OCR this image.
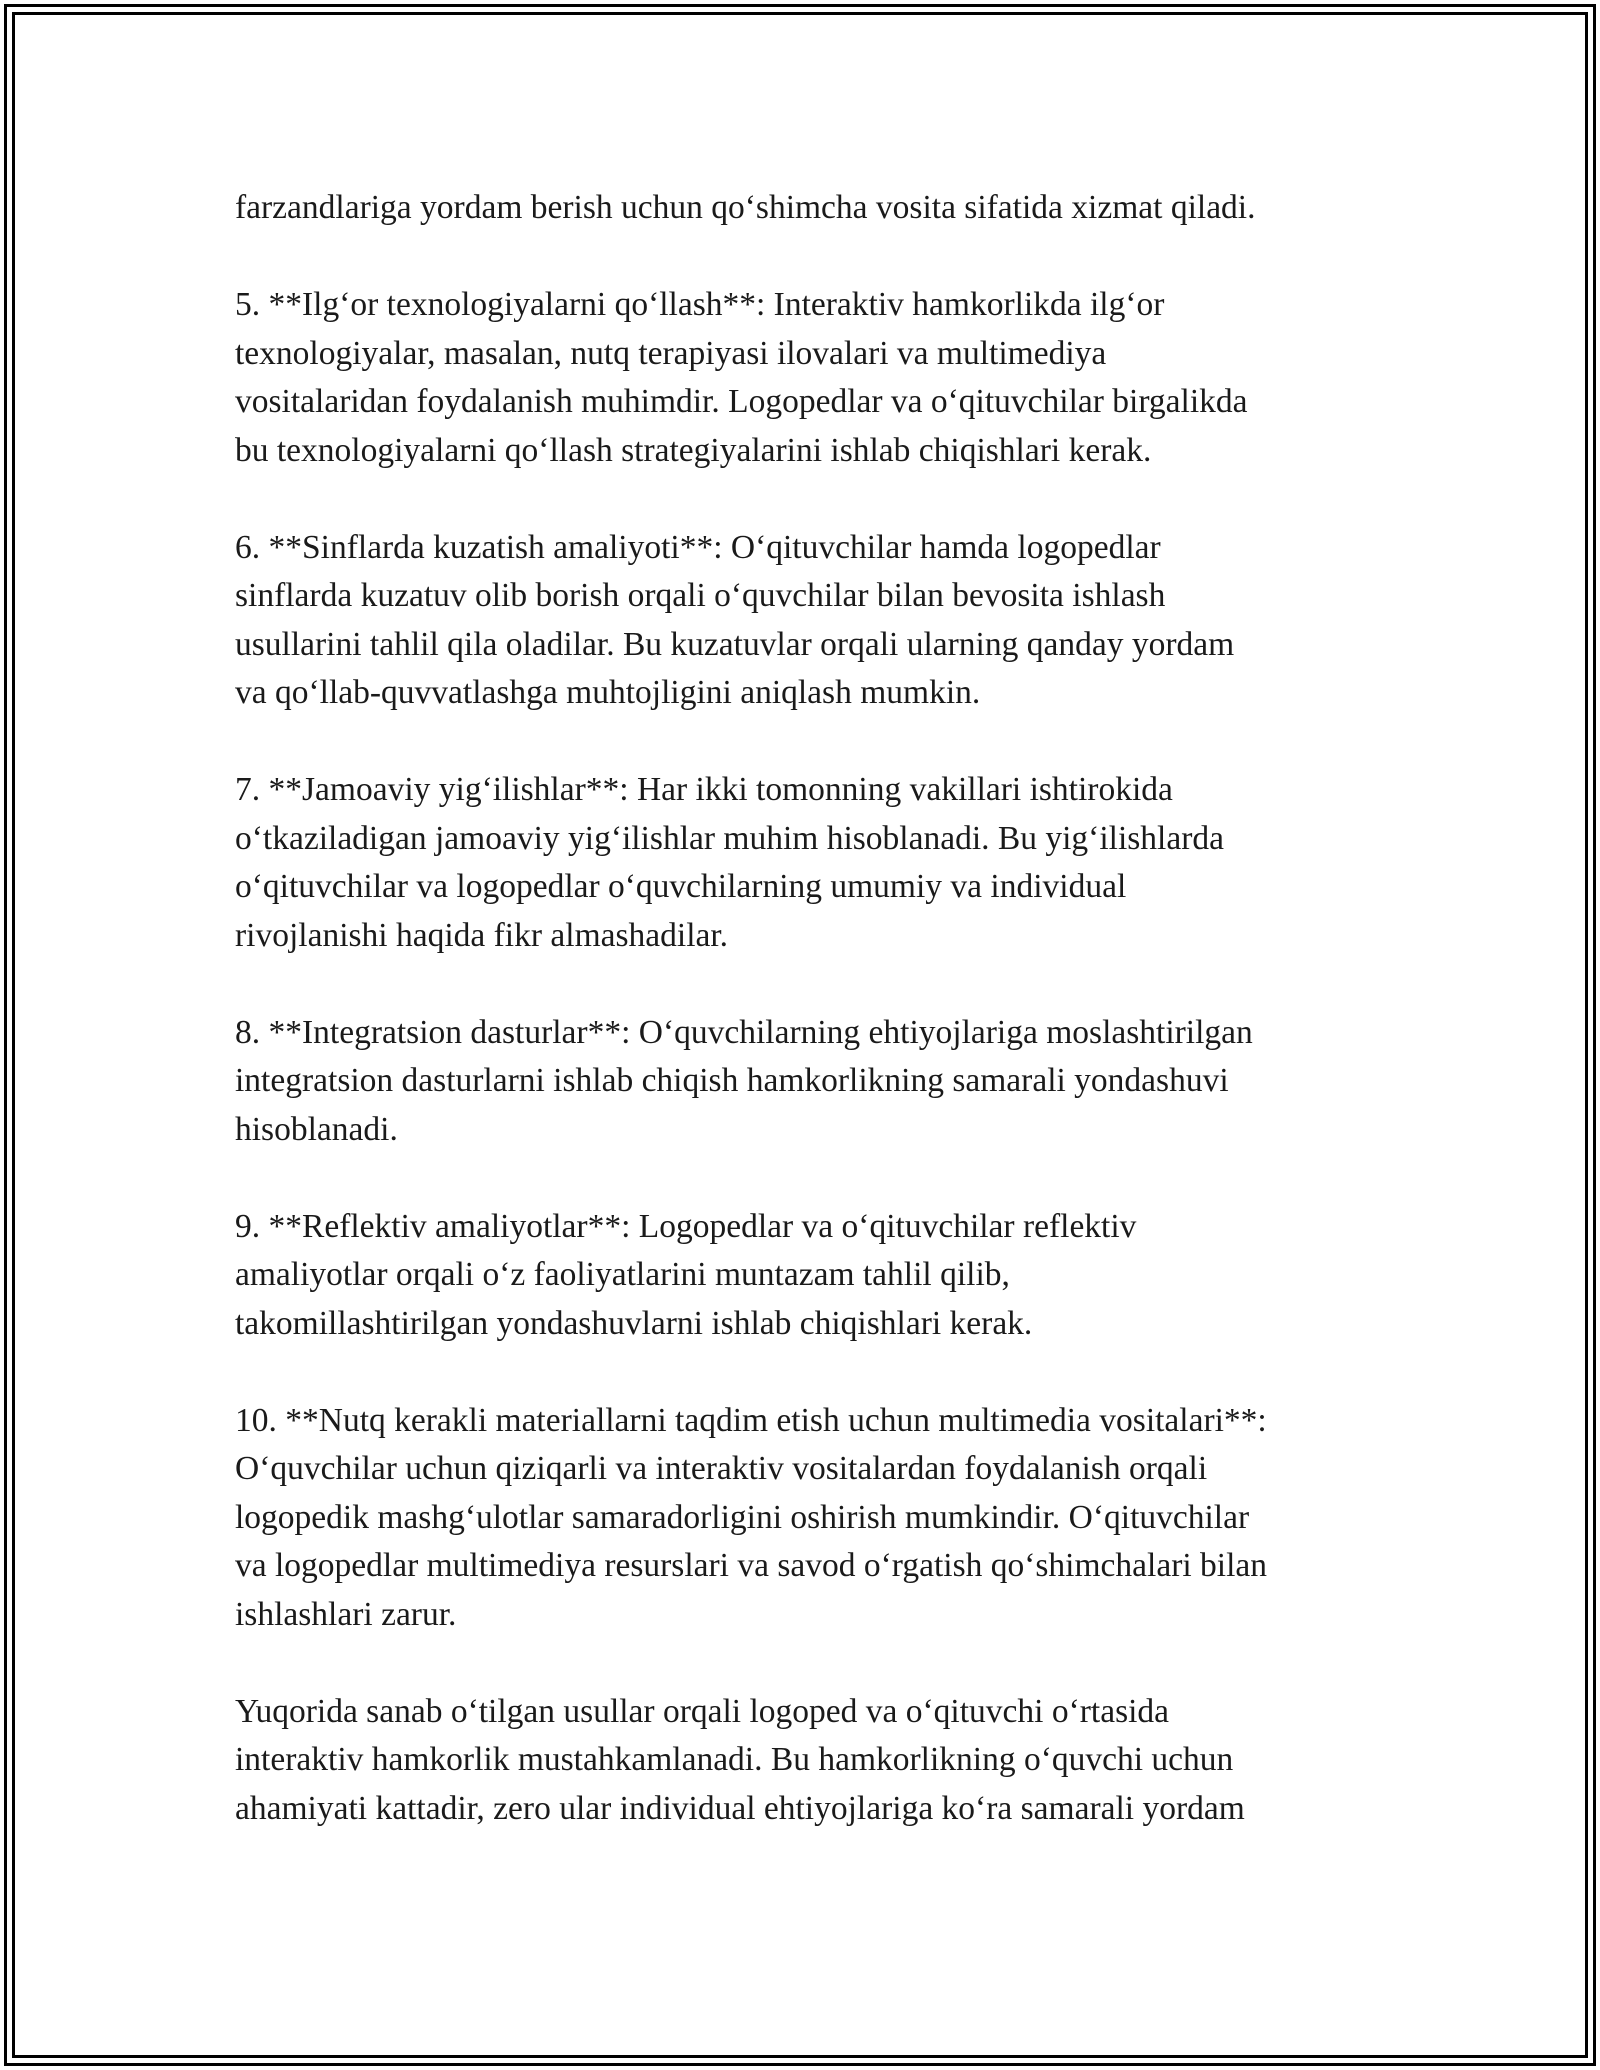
farzandlariga yordam berish uchun qo‘shimcha vosita sifatida xizmat qiladi.

5. **Ilg‘or texnologiyalarni qo‘llash**: Interaktiv hamkorlikda ilg‘or
texnologiyalar, masalan, nutq terapiyasi ilovalari va multimediya
vositalaridan foydalanish muhimdir. Logopedlar va o‘qituvchilar birgalikda
bu texnologiyalarni qo‘llash strategiyalarini ishlab chiqishlari kerak.

6. **Sinflarda kuzatish amaliyoti**: O‘qituvchilar hamda logopedlar
sinflarda kuzatuv olib borish orqali o‘quvchilar bilan bevosita ishlash
usullarini tahlil qila oladilar. Bu kuzatuvlar orqali ularning qanday yordam
va qo‘llab-quvvatlashga muhtojligini aniqlash mumkin.

7. **Jamoaviy yig‘ilishlar**: Har ikki tomonning vakillari ishtirokida
o‘tkaziladigan jamoaviy yig‘ilishlar muhim hisoblanadi. Bu yig‘ilishlarda
o‘qituvchilar va logopedlar o‘quvchilarning umumiy va individual
rivojlanishi haqida fikr almashadilar.

8. **Integratsion dasturlar**: O‘quvchilarning ehtiyojlariga moslashtirilgan
integratsion dasturlarni ishlab chiqish hamkorlikning samarali yondashuvi
hisoblanadi.

9. **Reflektiv amaliyotlar**: Logopedlar va o‘qituvchilar reflektiv
amaliyotlar orqali o‘z faoliyatlarini muntazam tahlil qilib,
takomillashtirilgan yondashuvlarni ishlab chiqishlari kerak.

10. **Nutq kerakli materiallarni taqdim etish uchun multimedia vositalari**:
O‘quvchilar uchun qiziqarli va interaktiv vositalardan foydalanish orqali
logopedik mashg‘ulotlar samaradorligini oshirish mumkindir. O‘qituvchilar
va logopedlar multimediya resurslari va savod o‘rgatish qo‘shimchalari bilan
ishlashlari zarur.

Yuqorida sanab o‘tilgan usullar orqali logoped va o‘qituvchi o‘rtasida
interaktiv hamkorlik mustahkamlanadi. Bu hamkorlikning o‘quvchi uchun
ahamiyati kattadir, zero ular individual ehtiyojlariga ko‘ra samarali yordam
